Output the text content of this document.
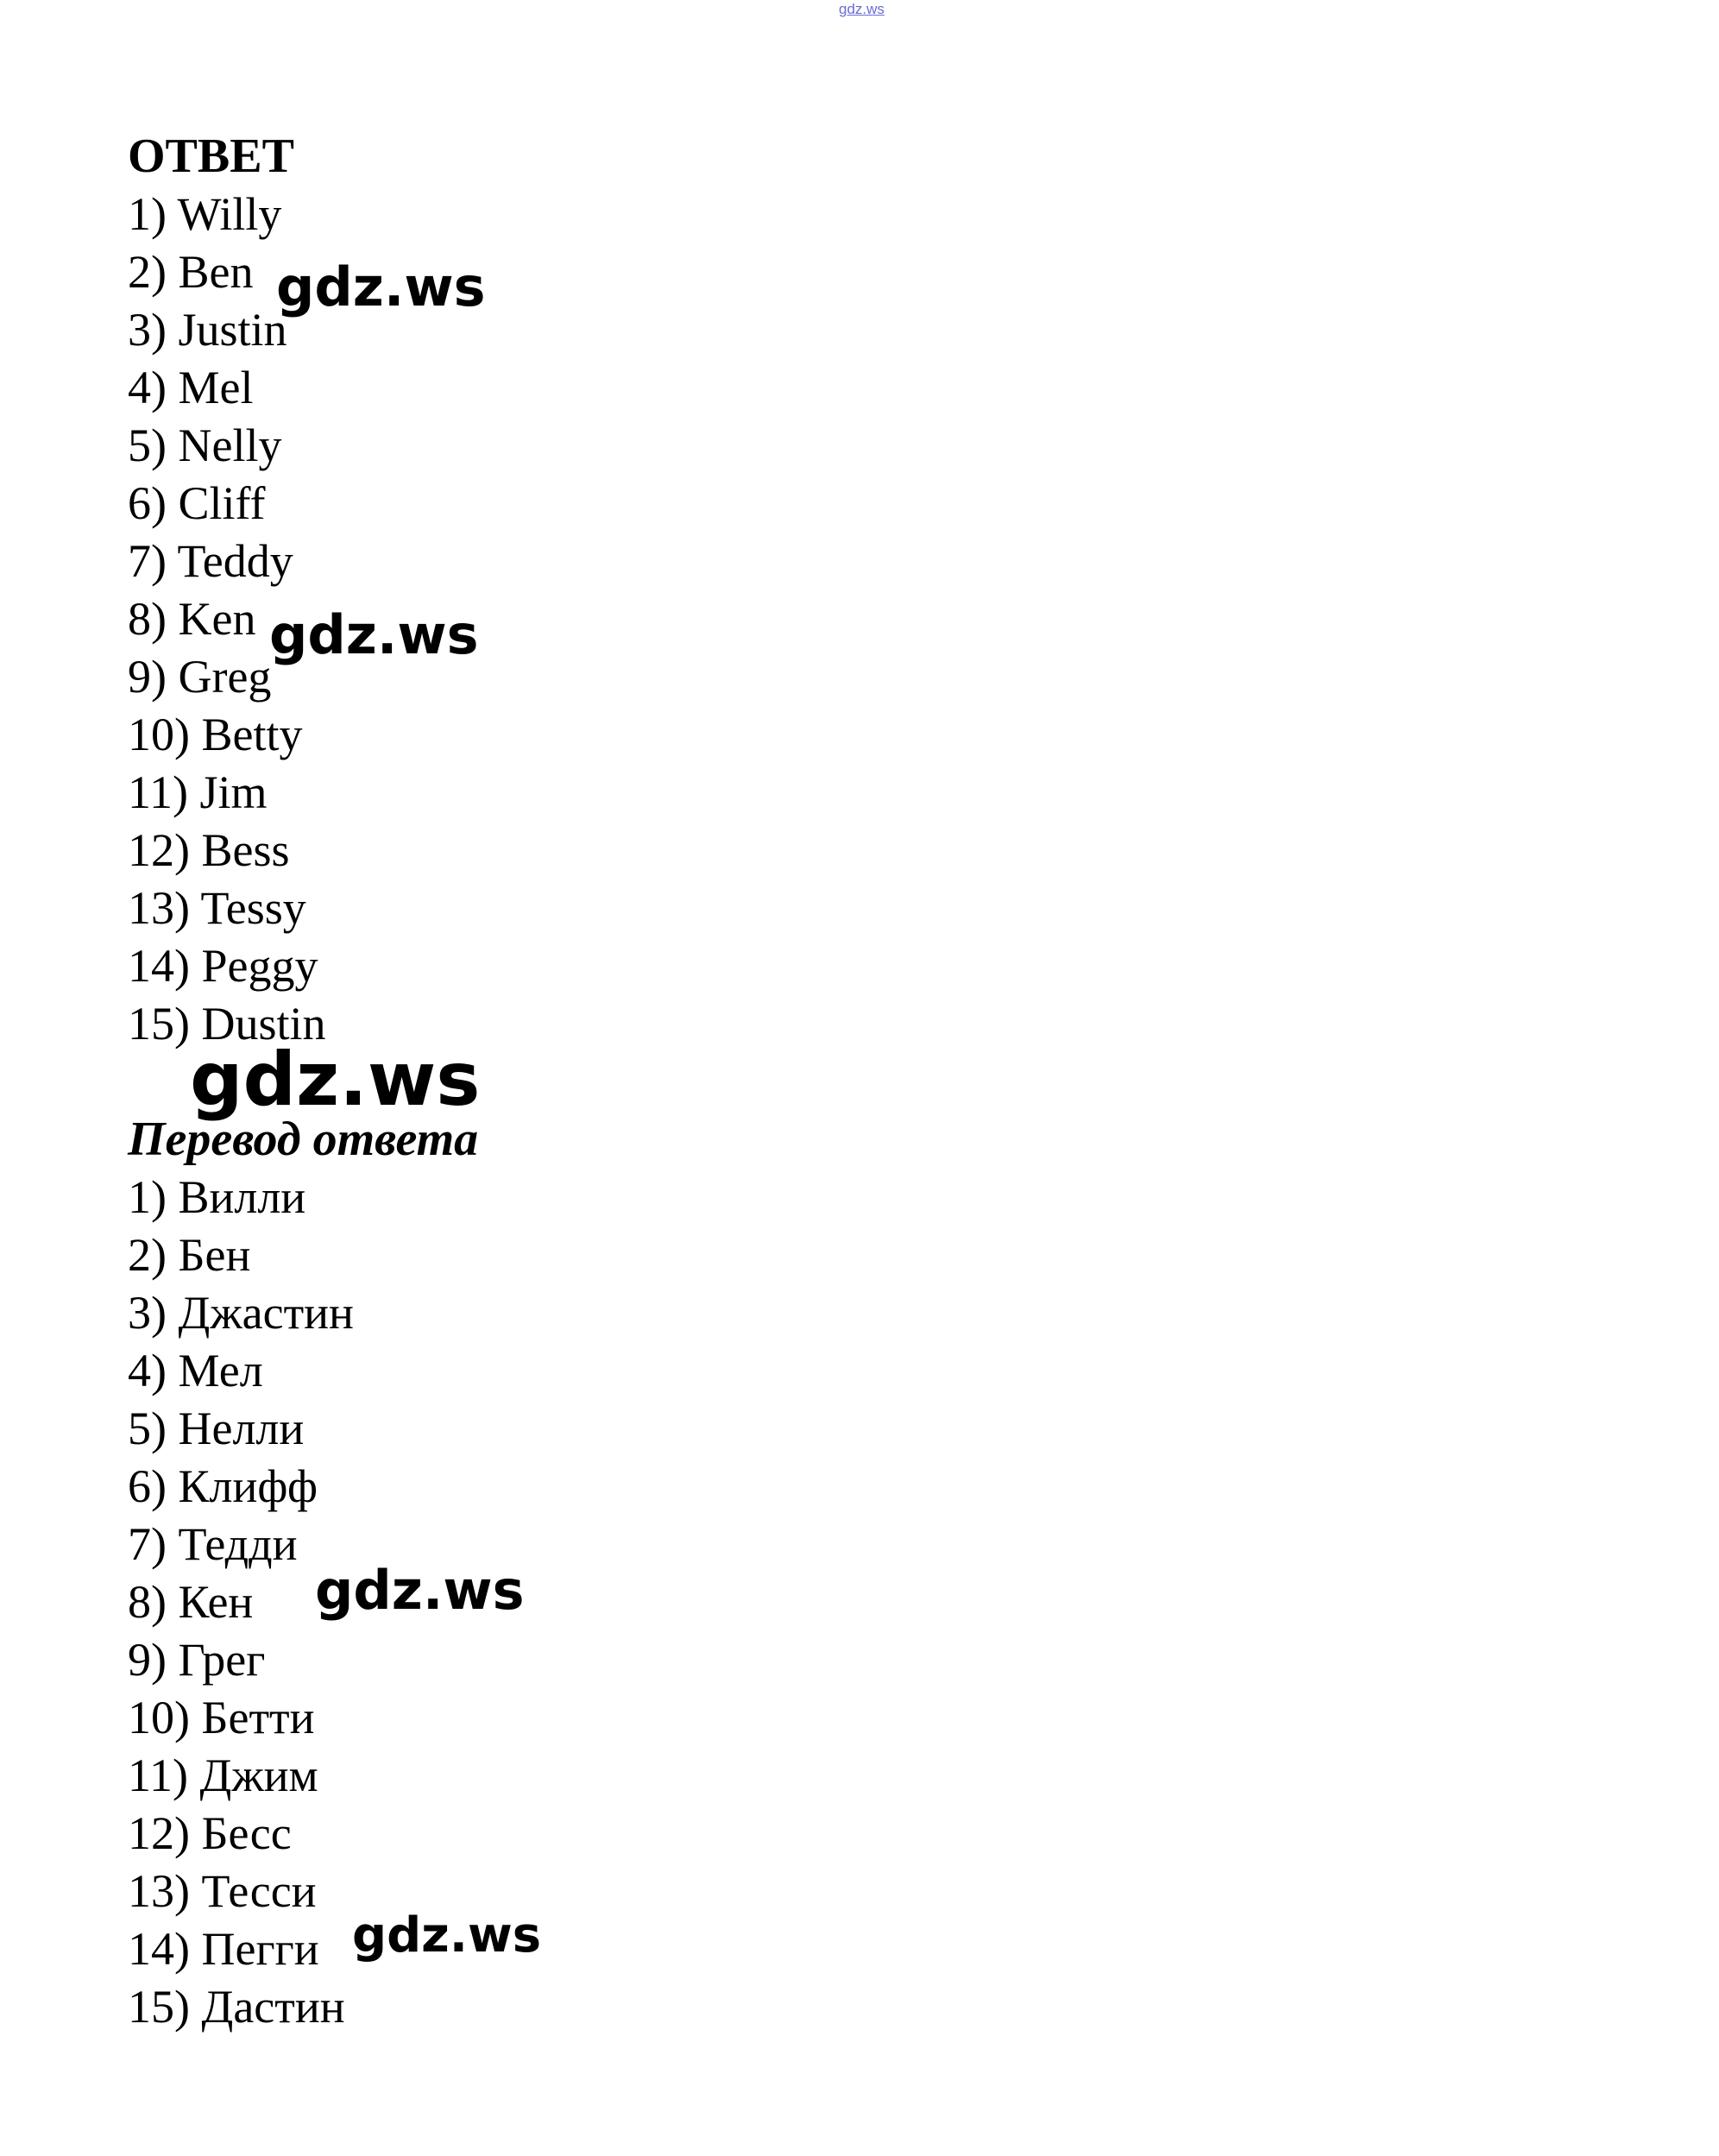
gdz.ws
ОТВЕТ
1) Willy
2) Ben
3) Justin
4) Mel
5) Nelly
6) Cliff
7) Teddy
8) Ken
9) Greg
10) Betty
11) Jim
12) Bess
13) Tessy
14) Peggy
15) Dustin
Перевод ответа
1) Вилли
2) Бен
3) Джастин
4) Мел
5) Нелли
6) Клифф
7) Тедди
8) Кен
9) Грег
10) Бетти
11) Джим
12) Бесс
13) Тесси
14) Пегги
15) Дастин
gdz.ws
gdz.ws
gdz.ws
gdz.ws
gdz.ws
